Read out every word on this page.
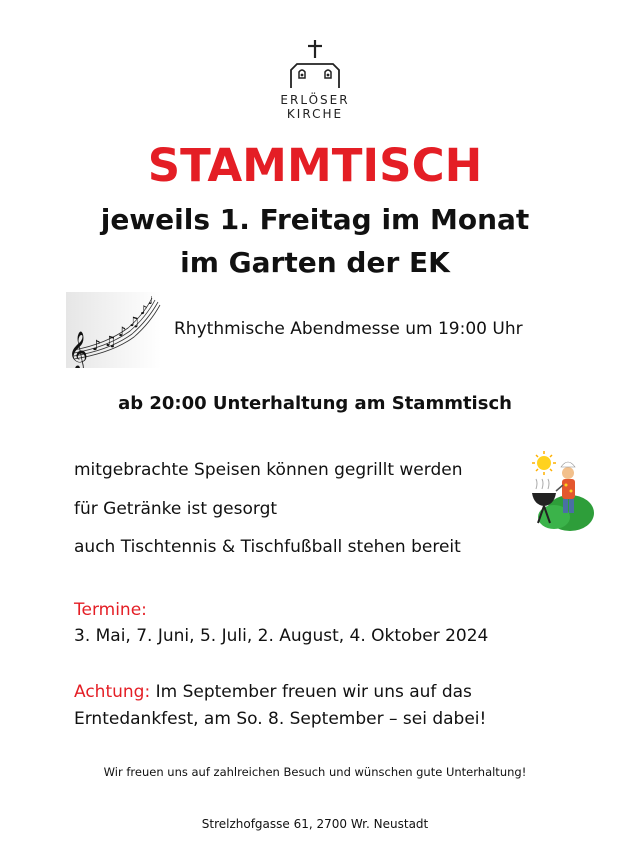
ERLÖSER
KIRCHE
STAMMTISCH
jeweils 1. Freitag im Monat
im Garten der EK
𝄞 ♪ ♫
♪
♫
♪
♩
Rhythmische Abendmesse um 19:00 Uhr
ab 20:00 Unterhaltung am Stammtisch
mitgebrachte Speisen können gegrillt werden
für Getränke ist gesorgt
auch Tischtennis & Tischfußball stehen bereit
Termine:
3. Mai, 7. Juni, 5. Juli, 2. August, 4. Oktober 2024
Achtung: Im September freuen wir uns auf das
Erntedankfest, am So. 8. September – sei dabei!
Wir freuen uns auf zahlreichen Besuch und wünschen gute Unterhaltung!
Strelzhofgasse 61, 2700 Wr. Neustadt
